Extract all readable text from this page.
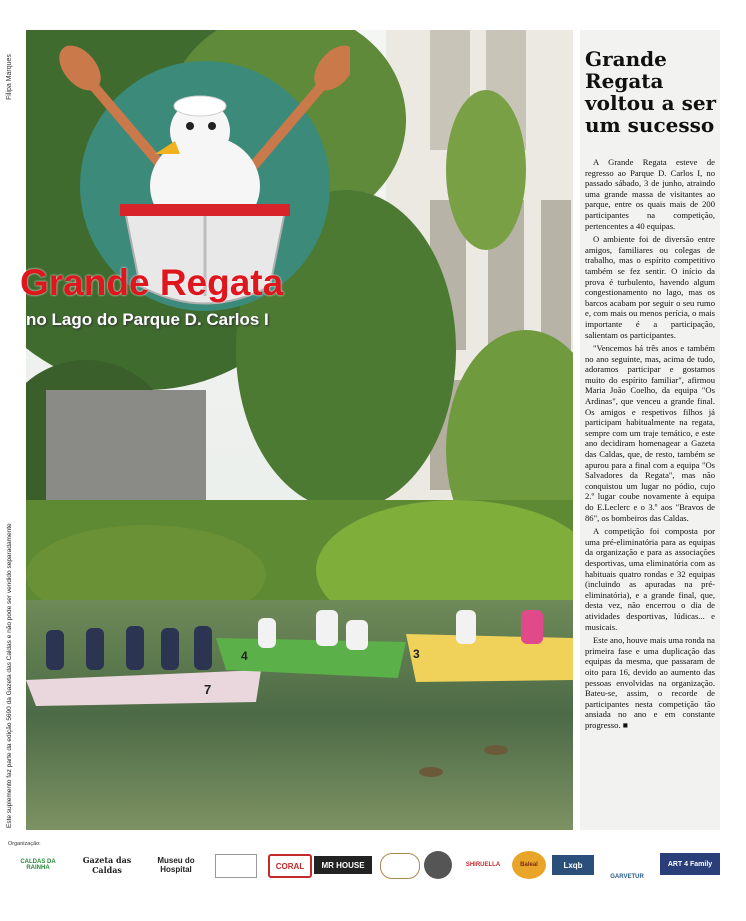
Filipa Marques
Este suplemento faz parte da edição 5690 da Gazeta das Caldas e não pode ser vendido separadamente	7
4	3
Grande Regata
no Lago do Parque D. Carlos I
Grande Regata voltou a ser um sucesso

A Grande Regata esteve de regresso ao Parque D. Carlos I, no passado sábado, 3 de junho, atraindo uma grande massa de visitantes ao parque, entre os quais mais de 200 participantes na competição, pertencentes a 40 equipas.

O ambiente foi de diversão entre amigos, familiares ou colegas de trabalho, mas o espírito competitivo também se fez sentir. O início da prova é turbulento, havendo algum congestionamento no lago, mas os barcos acabam por seguir o seu rumo e, com mais ou menos perícia, o mais importante é a participação, salientam os participantes.

"Vencemos há três anos e também no ano seguinte, mas, acima de tudo, adoramos participar e gostamos muito do espírito familiar", afirmou Maria João Coelho, da equipa "Os Ardinas", que venceu a grande final. Os amigos e respetivos filhos já participam habitualmente na regata, sempre com um traje temático, e este ano decidiram homenagear a Gazeta das Caldas, que, de resto, também se apurou para a final com a equipa "Os Salvadores da Regata", mas não conquistou um lugar no pódio, cujo 2.º lugar coube novamente à equipa do E.Leclerc e o 3.º aos "Bravos de 86", os bombeiros das Caldas.

A competição foi composta por uma pré-eliminatória para as equipas da organização e para as associações desportivas, uma eliminatória com as habituais quatro rondas e 32 equipas (incluindo as apuradas na pré-eliminatória), e a grande final, que, desta vez, não encerrou o dia de atividades desportivas, lúdicas... e musicais.

Este ano, houve mais uma ronda na primeira fase e uma duplicação das equipas da mesma, que passaram de oito para 16, devido ao aumento das pessoas envolvidas na organização. Bateu-se, assim, o recorde de participantes nesta competição tão ansiada no ano e em constante progresso. ■

Organização:
CALDAS DA RAINHA
Gazeta das Caldas
Museu do Hospital	CORAL	MR HOUSE	SHIRUELLA	Baleal	Lxqb
GARVETUR
ART 4 Family
